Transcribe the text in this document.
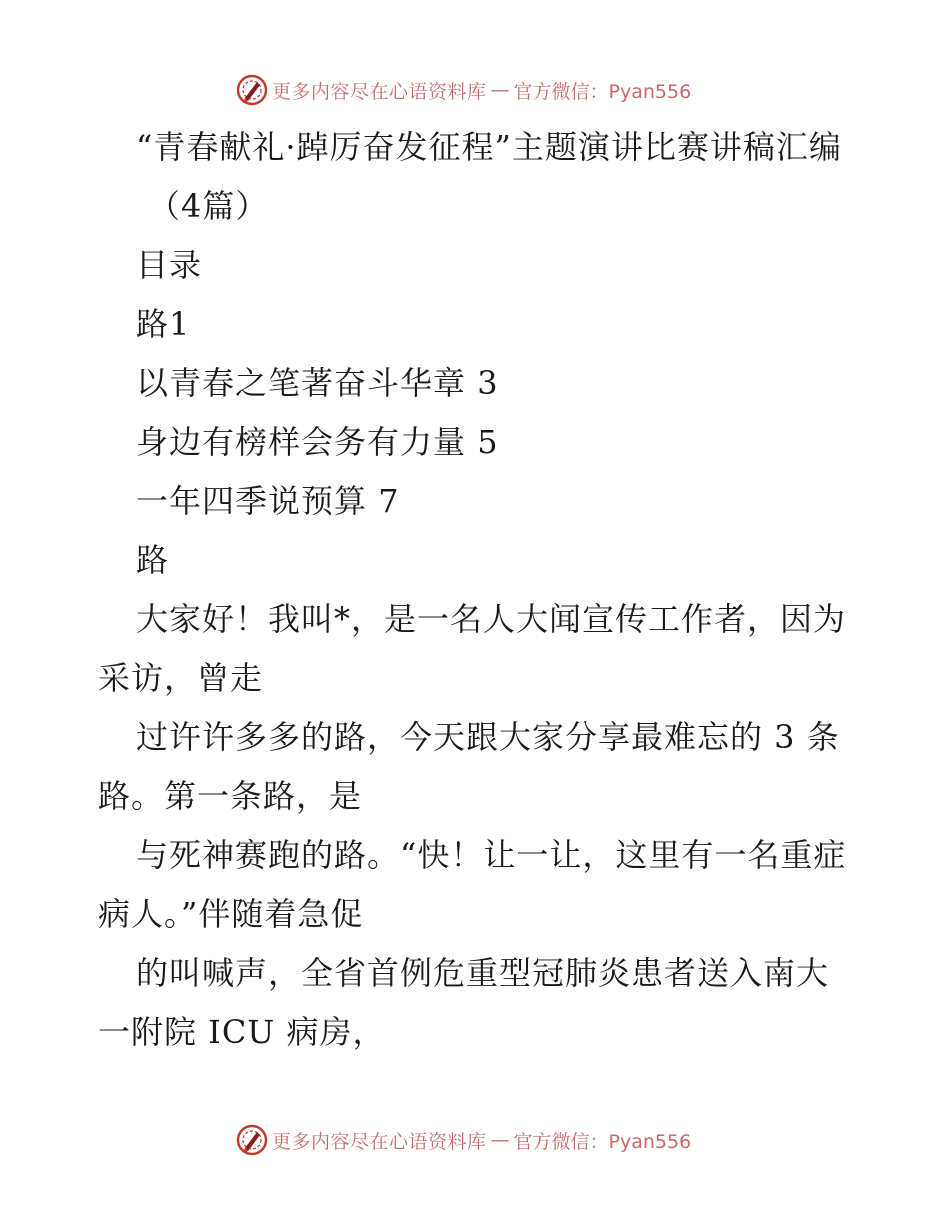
更多内容尽在心语资料库 — 官方微信：Pyan556
“青春献礼·踔厉奋发征程”主题演讲比赛讲稿汇编
（4篇）
目录
路1
以青春之笔著奋斗华章 3
身边有榜样会务有力量 5
一年四季说预算 7
路
大家好！我叫*，是一名人大闻宣传工作者，因为采访，曾走
过许许多多的路，今天跟大家分享最难忘的 3 条路。第一条路，是
与死神赛跑的路。“快！让一让，这里有一名重症病人。”伴随着急促
的叫喊声，全省首例危重型冠肺炎患者送入南大一附院 ICU 病房，
更多内容尽在心语资料库 — 官方微信：Pyan556
